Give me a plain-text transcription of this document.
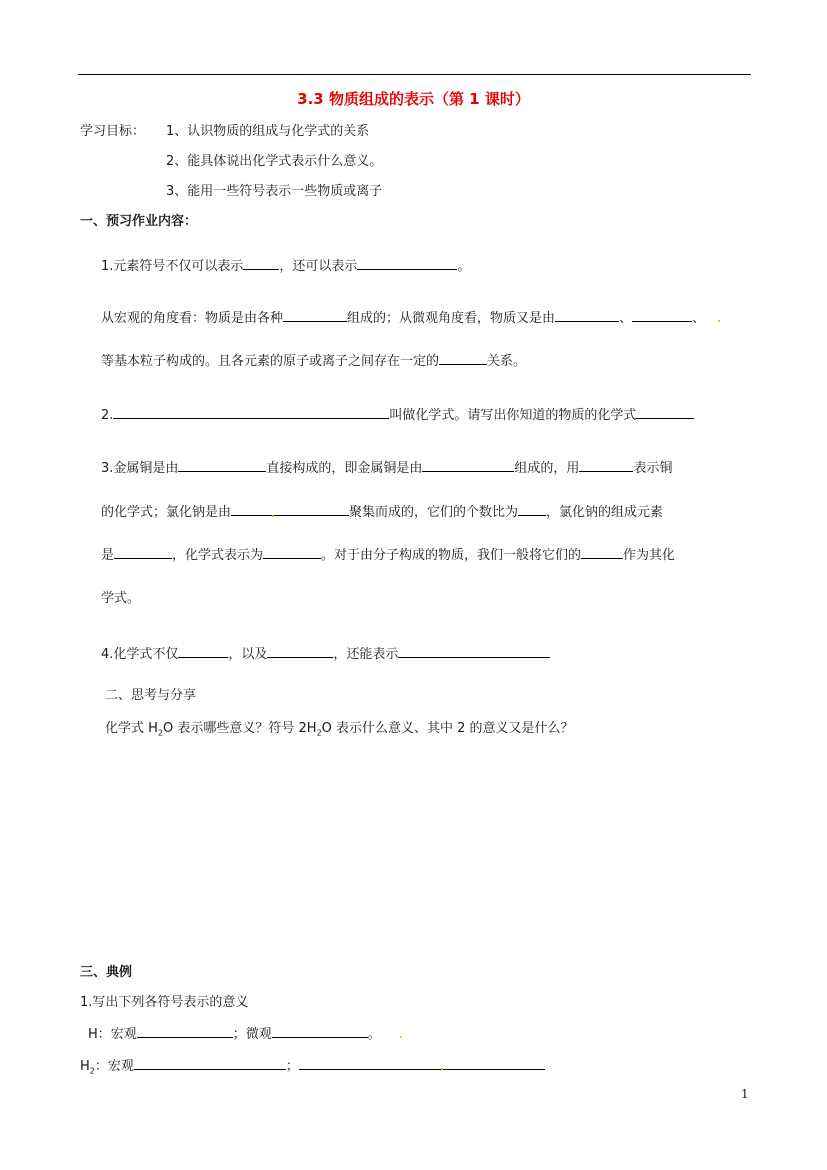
3.3 物质组成的表示（第 1 课时）
学习目标： 1、认识物质的组成与化学式的关系
2、能具体说出化学式表示什么意义。
3、能用一些符号表示一些物质或离子
一、预习作业内容：
1.元素符号不仅可以表示	，还可以表示	。
从宏观的角度看：物质是由各种	组成的；从微观角度看，物质又是由	、	、
等基本粒子构成的。且各元素的原子或离子之间存在一定的	关系。
2.	叫做化学式。请写出你知道的物质的化学式
3.金属铜是由	直接构成的，即金属铜是由	组成的，用	表示铜
的化学式；氯化钠是由	聚集而成的，它们的个数比为 ，氯化钠的组成元素
是	，化学式表示为	。对于由分子构成的物质，我们一般将它们的	作为其化
学式。
4.化学式不仅	，以及	，还能表示
二、思考与分享
化学式 $H_2O$ 表示哪些意义？符号 $2H_2O$ 表示什么意义、其中 2 的意义又是什么？
三、典例
1.写出下列各符号表示的意义
H：宏观	；微观	。
$H_2$：宏观	；
1
